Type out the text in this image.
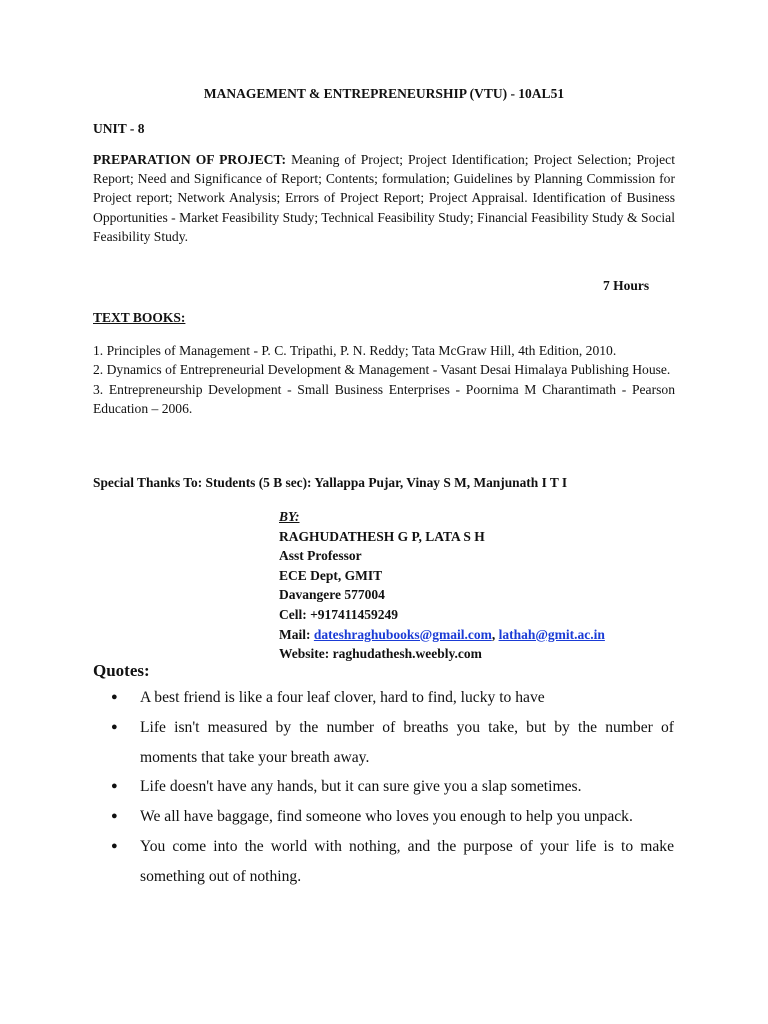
MANAGEMENT & ENTREPRENEURSHIP (VTU) - 10AL51
UNIT - 8
PREPARATION OF PROJECT: Meaning of Project; Project Identification; Project Selection; Project Report; Need and Significance of Report; Contents; formulation; Guidelines by Planning Commission for Project report; Network Analysis; Errors of Project Report; Project Appraisal. Identification of Business Opportunities - Market Feasibility Study; Technical Feasibility Study; Financial Feasibility Study & Social Feasibility Study.
7 Hours
TEXT BOOKS:

1. Principles of Management - P. C. Tripathi, P. N. Reddy; Tata McGraw Hill, 4th Edition, 2010.

2. Dynamics of Entrepreneurial Development & Management - Vasant Desai Himalaya Publishing House.

3. Entrepreneurship Development - Small Business Enterprises - Poornima M Charantimath - Pearson Education – 2006.

Special Thanks To: Students (5 B sec): Yallappa Pujar, Vinay S M, Manjunath I T I
BY:
RAGHUDATHESH G P, LATA S H
Asst Professor
ECE Dept, GMIT
Davangere 577004
Cell: +917411459249
Mail: dateshraghubooks@gmail.com, lathah@gmit.ac.in
Website: raghudathesh.weebly.com
Quotes:
● A best friend is like a four leaf clover, hard to find, lucky to have
● Life isn't measured by the number of breaths you take, but by the number of moments that take your breath away.
● Life doesn't have any hands, but it can sure give you a slap sometimes.
● We all have baggage, find someone who loves you enough to help you unpack.
● You come into the world with nothing, and the purpose of your life is to make something out of nothing.
